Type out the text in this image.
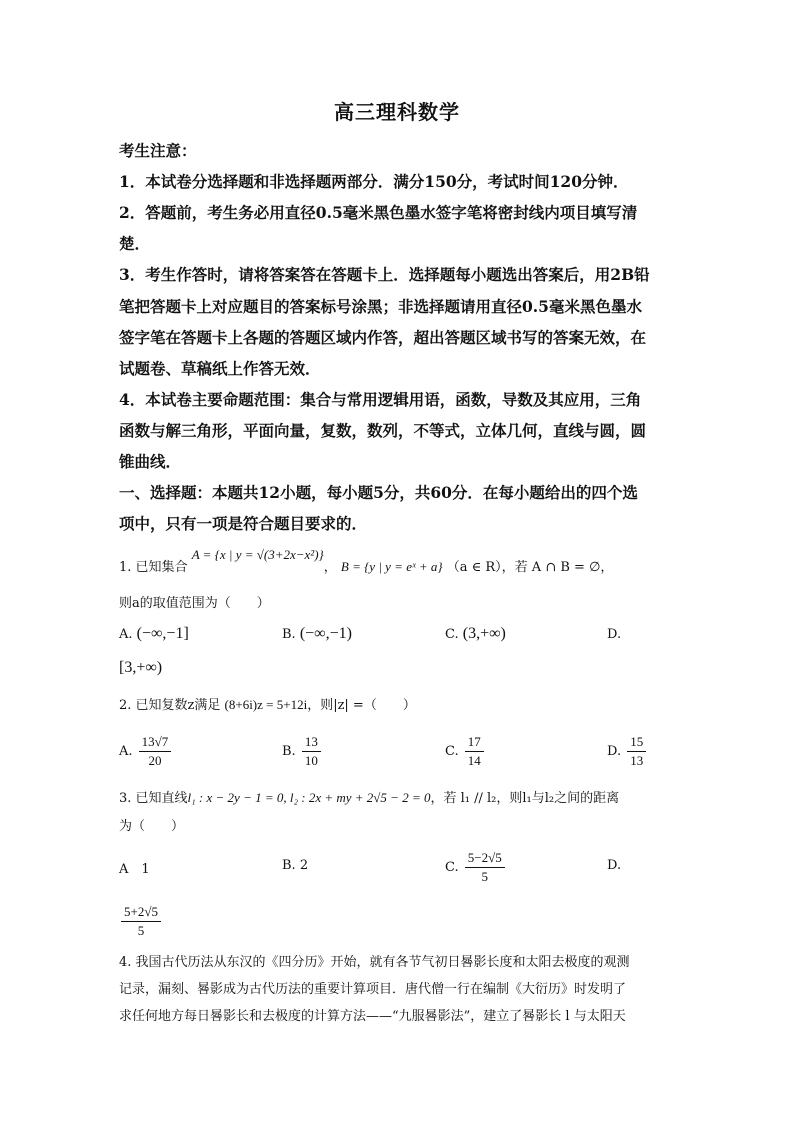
高三理科数学
考生注意：
1．本试卷分选择题和非选择题两部分．满分150分，考试时间120分钟．
2．答题前，考生务必用直径0.5毫米黑色墨水签字笔将密封线内项目填写清
楚．
3．考生作答时，请将答案答在答题卡上．选择题每小题选出答案后，用2B铅
笔把答题卡上对应题目的答案标号涂黑；非选择题请用直径0.5毫米黑色墨水
签字笔在答题卡上各题的答题区域内作答，超出答题区域书写的答案无效，在
试题卷、草稿纸上作答无效．
4．本试卷主要命题范围：集合与常用逻辑用语，函数，导数及其应用，三角
函数与解三角形，平面向量，复数，数列，不等式，立体几何，直线与圆，圆
锥曲线．
一、选择题：本题共12小题，每小题5分，共60分．在每小题给出的四个选
项中，只有一项是符合题目要求的．
1. 已知集合 A = {x | y = √(3+2x−x²)}， B = {y | y = eˣ + a} （a ∈ R），若 A ∩ B = ∅，
则a的取值范围为（　　）
A. (−∞,−1]	B. (−∞,−1)	C. (3,+∞)	D.
[3,+∞)
2. 已知复数z满足 (8+6i)z = 5+12i，则|z| =（　　）
A. $\frac{13√7}{20}$	B. $\frac{13}{10}$	C. $\frac{17}{14}$	D. $\frac{15}{13}$
3. 已知直线l₁ : x − 2y − 1 = 0, l₂ : 2x + my + 2√5 − 2 = 0，若 l₁ // l₂，则l₁与l₂之间的距离
为（　　）
A　1	B. 2	C. $\frac{5-2√5}{5}$	D.
$\frac{5+2√5}{5}$
4. 我国古代历法从东汉的《四分历》开始，就有各节气初日晷影长度和太阳去极度的观测
记录，漏刻、晷影成为古代历法的重要计算项目．唐代僧一行在编制《大衍历》时发明了
求任何地方每日晷影长和去极度的计算方法——“九服晷影法”，建立了晷影长 l 与太阳天
